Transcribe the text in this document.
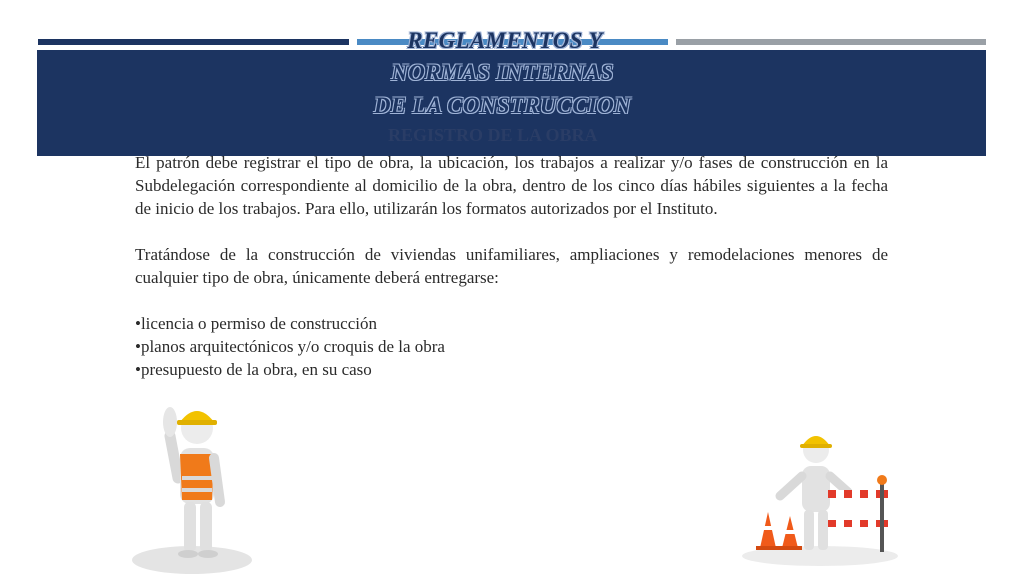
REGLAMENTOS Y
NORMAS INTERNAS
DE LA CONSTRUCCION
REGISTRO DE LA OBRA

El patrón debe registrar el tipo de obra, la ubicación, los trabajos a realizar y/o fases de construcción en la Subdelegación correspondiente al domicilio de la obra, dentro de los cinco días hábiles siguientes a la fecha de inicio de los trabajos. Para ello, utilizarán los formatos autorizados por el Instituto.

Tratándose de la construcción de viviendas unifamiliares, ampliaciones y remodelaciones menores de cualquier tipo de obra, únicamente deberá entregarse:

•licencia o permiso de construcción
•planos arquitectónicos y/o croquis de la obra
•presupuesto de la obra, en su caso
